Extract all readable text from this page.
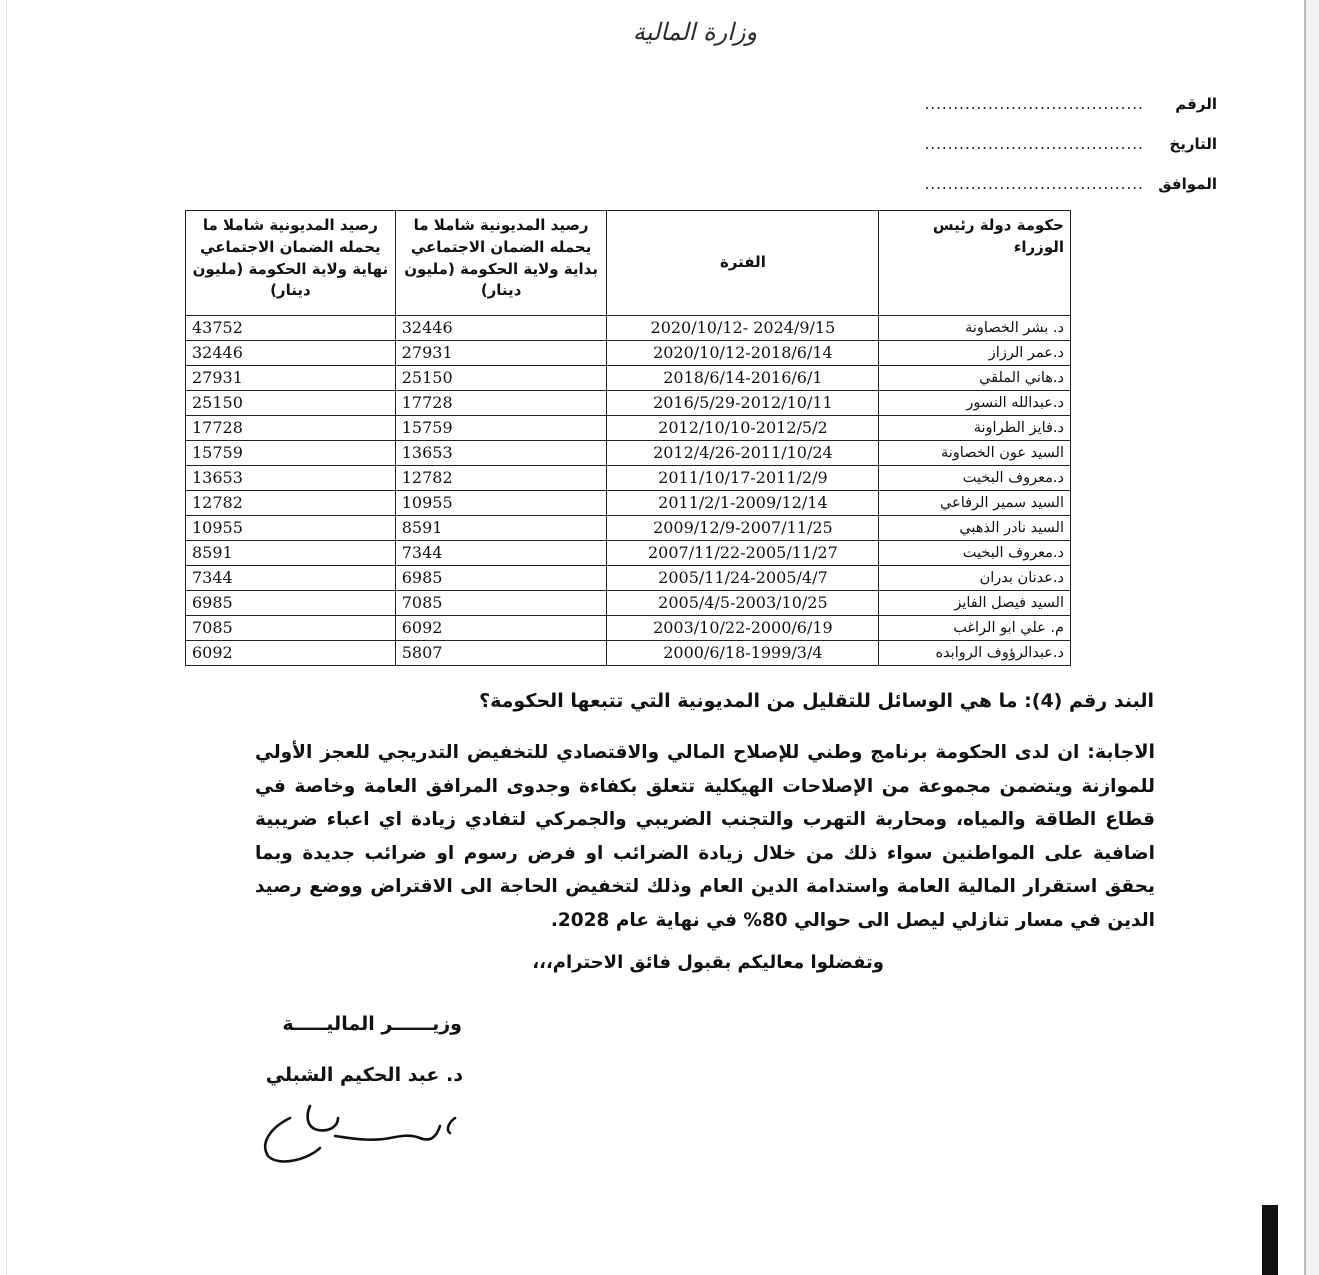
وزارة المالية
الرقم ......................................
التاريخ ......................................
الموافق ......................................
حكومة دولة رئيس الوزراء	الفترة	رصيد المديونية شاملا ما يحمله الضمان الاجتماعي بداية ولاية الحكومة (مليون دينار)	رصيد المديونية شاملا ما يحمله الضمان الاجتماعي نهاية ولاية الحكومة (مليون دينار)
د. بشر الخصاونة	2024/9/15 -2020/10/12	32446	43752
د.عمر الرزاز	2020/10/12-2018/6/14	27931	32446
د.هاني الملقي	2018/6/14-2016/6/1	25150	27931
د.عبدالله النسور	2016/5/29-2012/10/11	17728	25150
د.فايز الطراونة	2012/10/10-2012/5/2	15759	17728
السيد عون الخصاونة	2012/4/26-2011/10/24	13653	15759
د.معروف البخيت	2011/10/17-2011/2/9	12782	13653
السيد سمير الرفاعي	2011/2/1-2009/12/14	10955	12782
السيد نادر الذهبي	2009/12/9-2007/11/25	8591	10955
د.معروف البخيت	2007/11/22-2005/11/27	7344	8591
د.عدنان بدران	2005/11/24-2005/4/7	6985	7344
السيد فيصل الفايز	2005/4/5-2003/10/25	7085	6985
م. علي ابو الراغب	2003/10/22-2000/6/19	6092	7085
د.عبدالرؤوف الروابده	2000/6/18-1999/3/4	5807	6092
البند رقم (4): ما هي الوسائل للتقليل من المديونية التي تتبعها الحكومة؟
الاجابة: ان لدى الحكومة برنامج وطني للإصلاح المالي والاقتصادي للتخفيض التدريجي للعجز الأولي للموازنة ويتضمن مجموعة من الإصلاحات الهيكلية تتعلق بكفاءة وجدوى المرافق العامة وخاصة في قطاع الطاقة والمياه، ومحاربة التهرب والتجنب الضريبي والجمركي لتفادي زيادة اي اعباء ضريبية اضافية على المواطنين سواء ذلك من خلال زيادة الضرائب او فرض رسوم او ضرائب جديدة وبما يحقق استقرار المالية العامة واستدامة الدين العام وذلك لتخفيض الحاجة الى الاقتراض ووضع رصيد الدين في مسار تنازلي ليصل الى حوالي 80% في نهاية عام 2028.
وتفضلوا معاليكم بقبول فائق الاحترام،،،
وزيــــــر الماليـــــة
د. عبد الحكيم الشبلي
